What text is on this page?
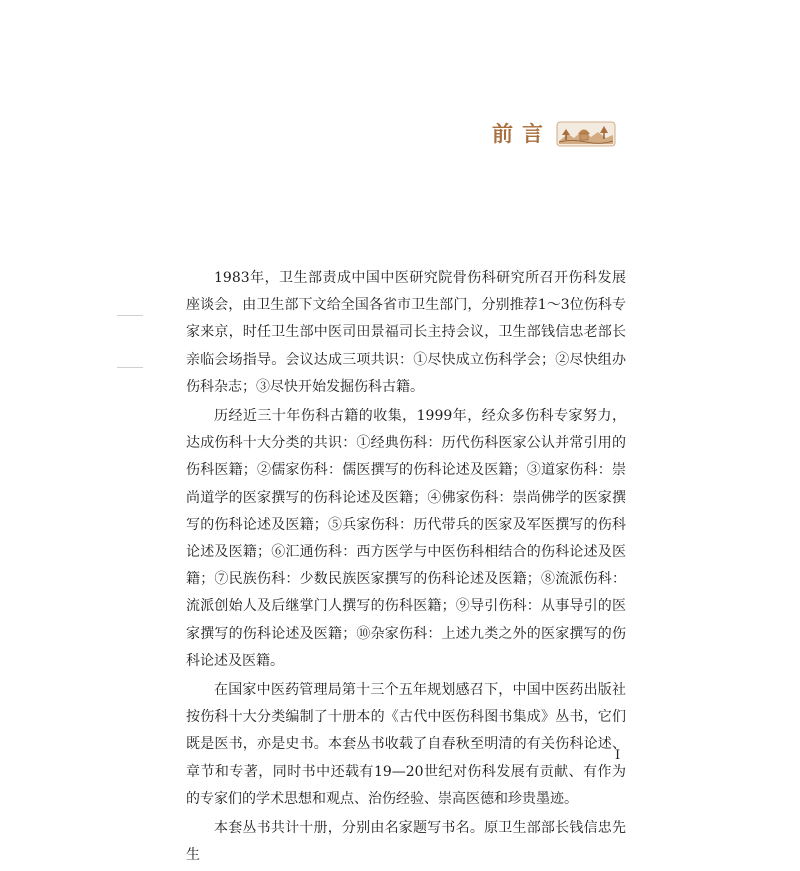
前言

1983年，卫生部责成中国中医研究院骨伤科研究所召开伤科发展座谈会，由卫生部下文给全国各省市卫生部门，分别推荐1～3位伤科专家来京，时任卫生部中医司田景福司长主持会议，卫生部钱信忠老部长亲临会场指导。会议达成三项共识：①尽快成立伤科学会；②尽快组办伤科杂志；③尽快开始发掘伤科古籍。

历经近三十年伤科古籍的收集，1999年，经众多伤科专家努力，达成伤科十大分类的共识：①经典伤科：历代伤科医家公认并常引用的伤科医籍；②儒家伤科：儒医撰写的伤科论述及医籍；③道家伤科：崇尚道学的医家撰写的伤科论述及医籍；④佛家伤科：崇尚佛学的医家撰写的伤科论述及医籍；⑤兵家伤科：历代带兵的医家及军医撰写的伤科论述及医籍；⑥汇通伤科：西方医学与中医伤科相结合的伤科论述及医籍；⑦民族伤科：少数民族医家撰写的伤科论述及医籍；⑧流派伤科：流派创始人及后继掌门人撰写的伤科医籍；⑨导引伤科：从事导引的医家撰写的伤科论述及医籍；⑩杂家伤科：上述九类之外的医家撰写的伤科论述及医籍。

在国家中医药管理局第十三个五年规划感召下，中国中医药出版社按伤科十大分类编制了十册本的《古代中医伤科图书集成》丛书，它们既是医书，亦是史书。本套丛书收载了自春秋至明清的有关伤科论述、章节和专著，同时书中还载有19—20世纪对伤科发展有贡献、有作为的专家们的学术思想和观点、治伤经验、崇高医德和珍贵墨迹。

本套丛书共计十册，分别由名家题写书名。原卫生部部长钱信忠先生

I
